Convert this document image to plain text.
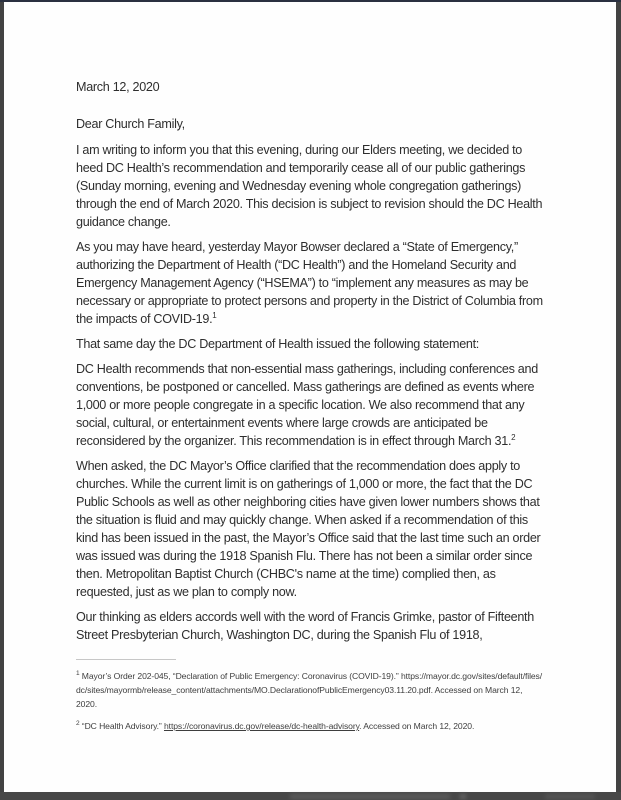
March 12, 2020
Dear Church Family,

I am writing to inform you that this evening, during our Elders meeting, we decided to heed DC Health’s recommendation and temporarily cease all of our public gatherings (Sunday morning, evening and Wednesday evening whole congregation gatherings) through the end of March 2020. This decision is subject to revision should the DC Health guidance change.

As you may have heard, yesterday Mayor Bowser declared a “State of Emergency,” authorizing the Department of Health (“DC Health”) and the Homeland Security and Emergency Management Agency (“HSEMA”) to “implement any measures as may be necessary or appropriate to protect persons and property in the District of Columbia from the impacts of COVID-19.$^1$

That same day the DC Department of Health issued the following statement:

DC Health recommends that non-essential mass gatherings, including conferences and conventions, be postponed or cancelled. Mass gatherings are defined as events where 1,000 or more people congregate in a specific location. We also recommend that any social, cultural, or entertainment events where large crowds are anticipated be reconsidered by the organizer. This recommendation is in effect through March 31.$^2$

When asked, the DC Mayor’s Office clarified that the recommendation does apply to churches. While the current limit is on gatherings of 1,000 or more, the fact that the DC Public Schools as well as other neighboring cities have given lower numbers shows that the situation is fluid and may quickly change. When asked if a recommendation of this kind has been issued in the past, the Mayor’s Office said that the last time such an order was issued was during the 1918 Spanish Flu. There has not been a similar order since then. Metropolitan Baptist Church (CHBC's name at the time) complied then, as requested, just as we plan to comply now.

Our thinking as elders accords well with the word of Francis Grimke, pastor of Fifteenth Street Presbyterian Church, Washington DC, during the Spanish Flu of 1918,

$^1$ Mayor’s Order 202-045, “Declaration of Public Emergency: Coronavirus (COVID-19).” https://mayor.dc.gov/sites/default/files/dc/sites/mayormb/release_content/attachments/MO.DeclarationofPublicEmergency03.11.20.pdf. Accessed on March 12, 2020.

$^2$ “DC Health Advisory.” https://coronavirus.dc.gov/release/dc-health-advisory. Accessed on March 12, 2020.
